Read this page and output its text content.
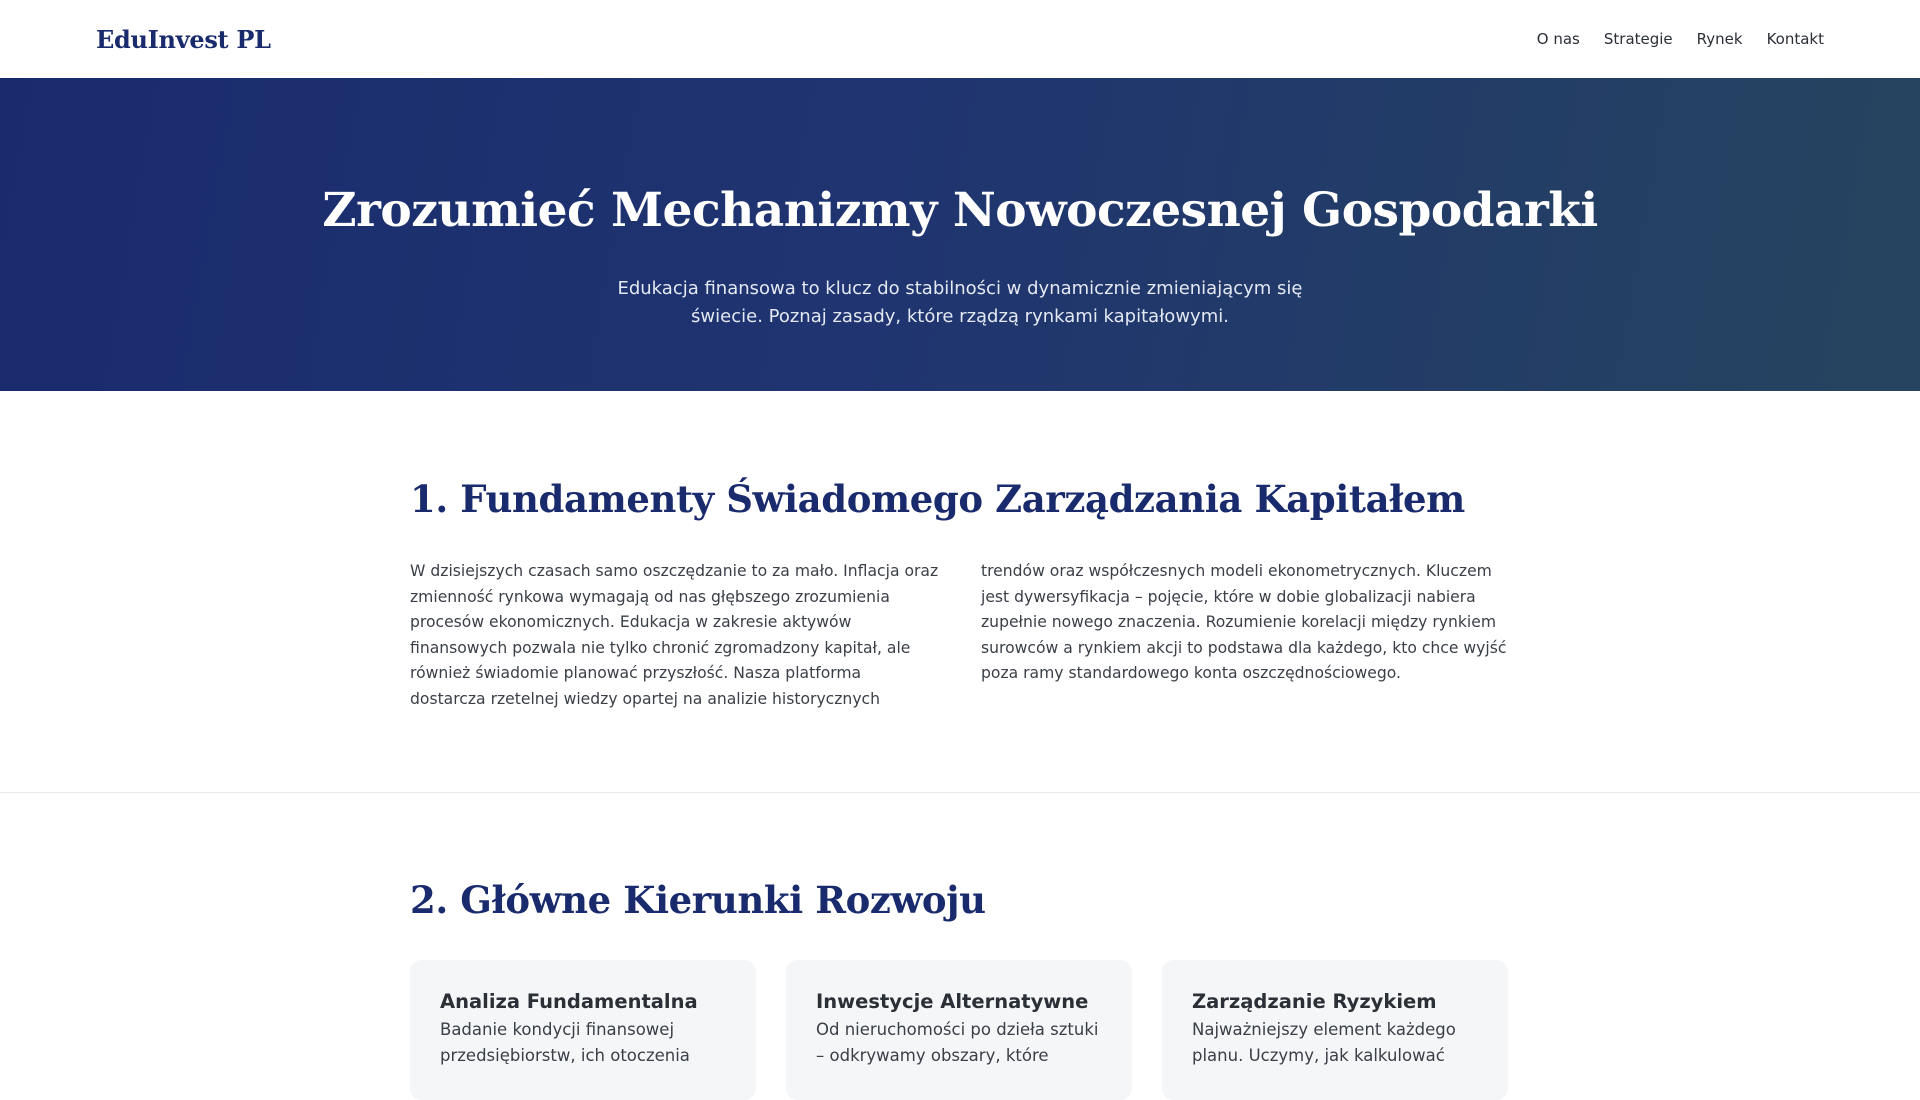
EduInvest PL	O nas Strategie Rynek Kontakt
Zrozumieć Mechanizmy Nowoczesnej Gospodarki

Edukacja finansowa to klucz do stabilności w dynamicznie zmieniającym się świecie. Poznaj zasady, które rządzą rynkami kapitałowymi.

1. Fundamenty Świadomego Zarządzania Kapitałem
W dzisiejszych czasach samo oszczędzanie to za mało. Inflacja oraz zmienność rynkowa wymagają od nas głębszego zrozumienia procesów ekonomicznych. Edukacja w zakresie aktywów finansowych pozwala nie tylko chronić zgromadzony kapitał, ale również świadomie planować przyszłość. Nasza platforma dostarcza rzetelnej wiedzy opartej na analizie historycznych trendów oraz współczesnych modeli ekonometrycznych. Kluczem jest dywersyfikacja – pojęcie, które w dobie globalizacji nabiera zupełnie nowego znaczenia. Rozumienie korelacji między rynkiem surowców a rynkiem akcji to podstawa dla każdego, kto chce wyjść poza ramy standardowego konta oszczędnościowego.
2. Główne Kierunki Rozwoju
Analiza Fundamentalna

Badanie kondycji finansowej przedsiębiorstw, ich otoczenia

Inwestycje Alternatywne

Od nieruchomości po dzieła sztuki – odkrywamy obszary, które

Zarządzanie Ryzykiem

Najważniejszy element każdego planu. Uczymy, jak kalkulować
